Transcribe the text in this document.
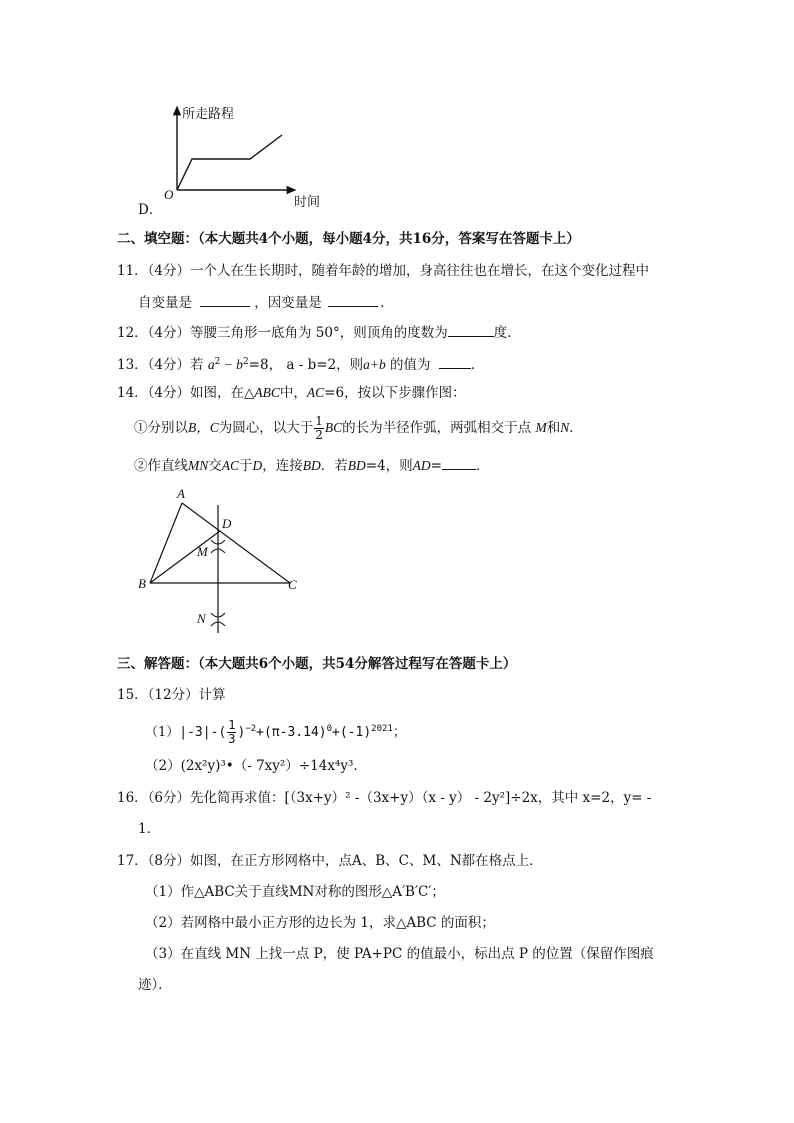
所走路程
时间
O
D．
二、填空题：（本大题共4个小题，每小题4分，共16分，答案写在答题卡上）
11．（4分）一个人在生长期时，随着年龄的增加，身高往往也在增长，在这个变化过程中
自变量是	，因变量是	．
12．（4分）等腰三角形一底角为 50°，则顶角的度数为	度．
13．（4分）若 $a^2 - b^2=8$， a - b=2，则a+b 的值为	．
14．（4分）如图，在△ABC中，AC=6，按以下步骤作图：
①分别以B，C为圆心，以大于 $\frac{1}{2}$ BC的长为半径作弧，两弧相交于点 M和N．
②作直线MN交AC于D，连接BD．若BD=4，则AD=	．
A
D
M
B	C
N
三、解答题：（本大题共6个小题，共54分解答过程写在答题卡上）
15．（12分）计算
$(1)|-3|-( \frac{1}{3} )^{-2}+(\pi-3.14)^0+(-1)^{2021}$；
（2）(2x²y)³•（- 7xy²）÷14x⁴y³．
16．（6分）先化简再求值：[（3x+y）² -（3x+y）（x - y） - 2y²]÷2x，其中 x=2，y= -
1．
17．（8分）如图，在正方形网格中，点A、B、C、M、N都在格点上．
（1）作△ABC关于直线MN对称的图形△A′B′C′；
（2）若网格中最小正方形的边长为 1，求△ABC 的面积；
（3）在直线 MN 上找一点 P，使 PA+PC 的值最小，标出点 P 的位置（保留作图痕
迹）．
